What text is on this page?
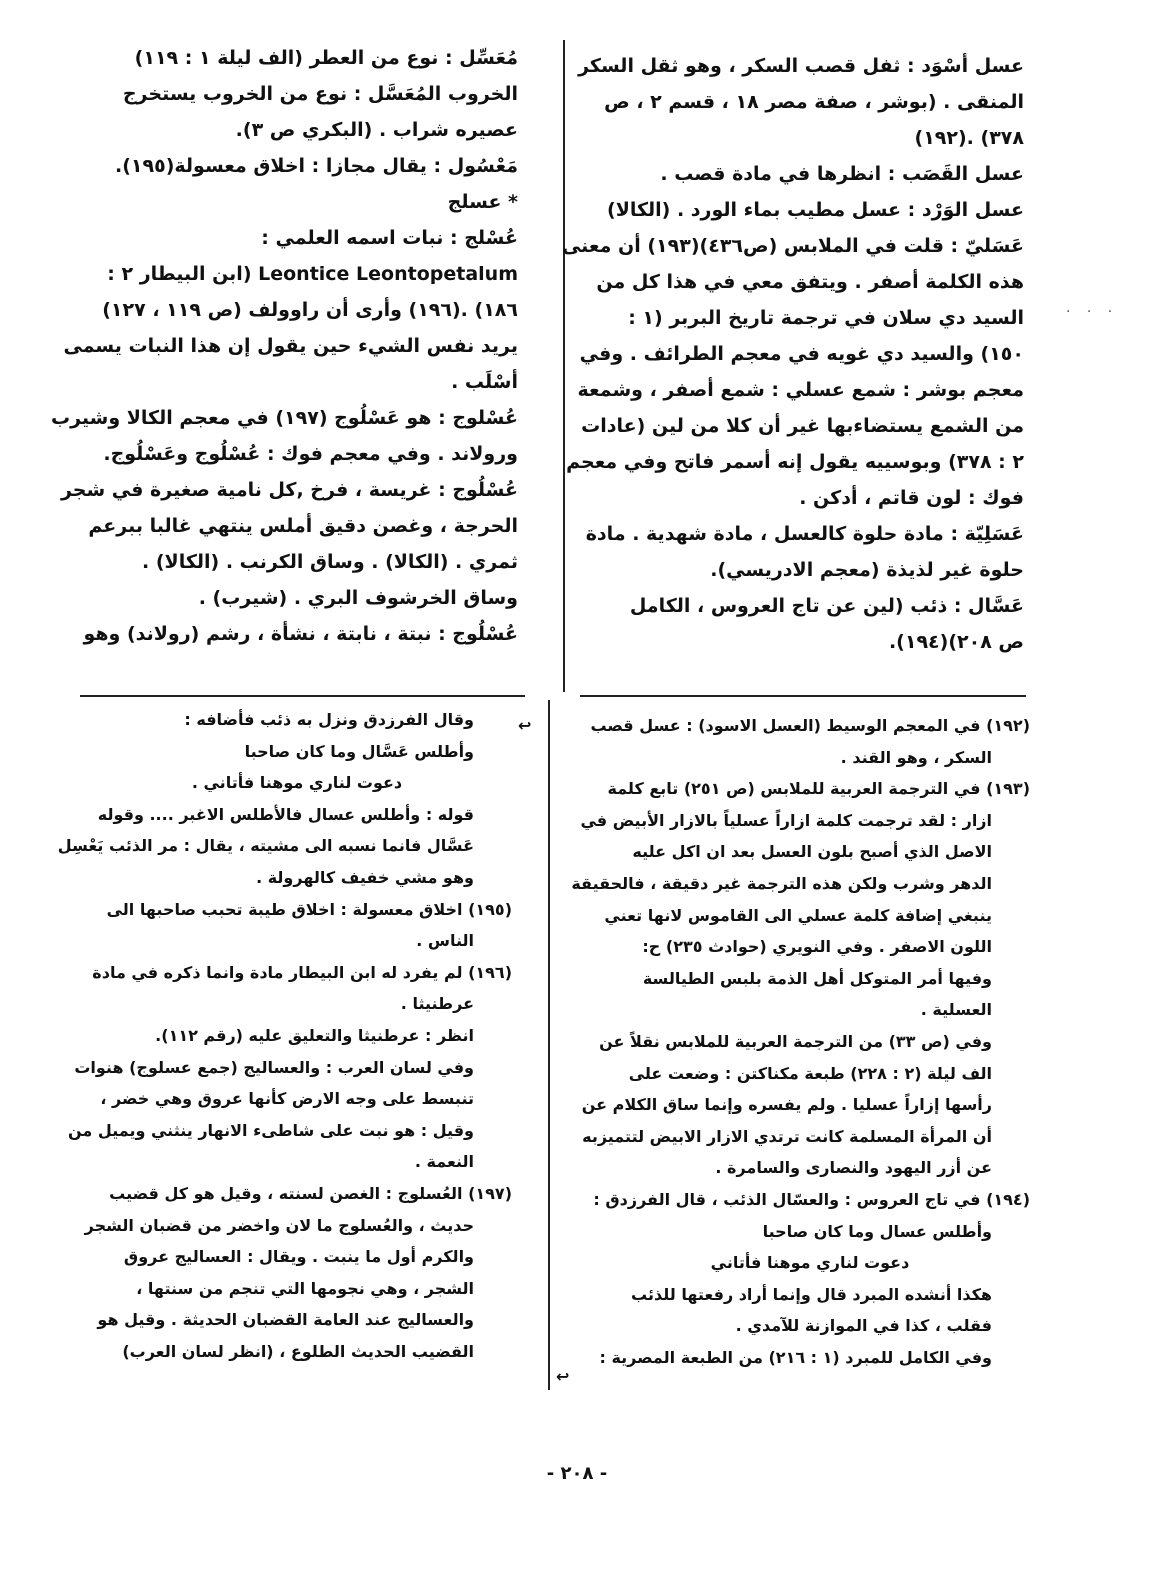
. . .
عسل أسْوَد : ثفل قصب السكر ، وهو ثقل السكر
المنقى . (بوشر ، صفة مصر ١٨ ، قسم ٢ ، ص
٣٧٨) .(١٩٢)
عسل القَصَب : انظرها في مادة قصب .
عسل الوَرْد : عسل مطيب بماء الورد . (الكالا)
عَسَليّ : قلت في الملابس (ص٤٣٦)(١٩٣) أن معنى
هذه الكلمة أصفر . ويتفق معي في هذا كل من
السيد دي سلان في ترجمة تاريخ البربر (١ :
١٥٠) والسيد دي غويه في معجم الطرائف . وفي
معجم بوشر : شمع عسلي : شمع أصفر ، وشمعة
من الشمع يستضاءبها غير أن كلا من لين (عادات
٢ : ٣٧٨) وبوسييه يقول إنه أسمر فاتح وفي معجم
فوك : لون قاتم ، أدكن .
عَسَلِيّة : مادة حلوة كالعسل ، مادة شهدية . مادة
حلوة غير لذيذة (معجم الادريسي).
عَسَّال : ذئب (لين عن تاج العروس ، الكامل
ص ٢٠٨)(١٩٤).
مُعَسِّل : نوع من العطر (الف ليلة ١ : ١١٩)
الخروب المُعَسَّل : نوع من الخروب يستخرج
عصيره شراب . (البكري ص ٣).
مَعْسُول : يقال مجازا : اخلاق معسولة(١٩٥).
* عسلج
عُسْلج : نبات اسمه العلمي :
Leontice Leontopetalum (ابن البيطار ٢ :
١٨٦) .(١٩٦) وأرى أن راوولف (ص ١١٩ ، ١٢٧)
يريد نفس الشيء حين يقول إن هذا النبات يسمى
أسْلَب .
عُسْلوج : هو عَسْلُوج (١٩٧) في معجم الكالا وشيرب
ورولاند . وفي معجم فوك : عُسْلُوج وعَسْلُوج.
عُسْلُوج : غريسة ، فرخ ,كل نامية صغيرة في شجر
الحرجة ، وغصن دقيق أملس ينتهي غالبا ببرعم
ثمري . (الكالا) . وساق الكرنب . (الكالا) .
وساق الخرشوف البري . (شيرب) .
عُسْلُوج : نبتة ، نابتة ، نشأة ، رشم (رولاند) وهو
(١٩٢) في المعجم الوسيط (العسل الاسود) : عسل قصب
السكر ، وهو القند .
(١٩٣) في الترجمة العربية للملابس (ص ٢٥١) تابع كلمة
ازار : لقد ترجمت كلمة ازاراً عسلياً بالازار الأبيض في
الاصل الذي أصبح بلون العسل بعد ان اكل عليه
الدهر وشرب ولكن هذه الترجمة غير دقيقة ، فالحقيقة
ينبغي إضافة كلمة عسلي الى القاموس لانها تعني
اللون الاصفر . وفي النويري (حوادث ٢٣٥) ح:
وفيها أمر المتوكل أهل الذمة بلبس الطيالسة
العسلية .
وفي (ص ٣٣) من الترجمة العربية للملابس نقلاً عن
الف ليلة (٢ : ٢٢٨) طبعة مكناكتن : وضعت على
رأسها إزاراً عسليا . ولم يفسره وإنما ساق الكلام عن
أن المرأة المسلمة كانت ترتدي الازار الابيض لتتميزبه
عن أزر اليهود والنصارى والسامرة .
(١٩٤) في تاج العروس : والعسّال الذئب ، قال الفرزدق :
وأطلس عسال وما كان صاحبا
دعوت لناري موهنا فأتاني
هكذا أنشده المبرد قال وإنما أراد رفعتها للذئب
فقلب ، كذا في الموازنة للآمدي .
وفي الكامل للمبرد (١ : ٢١٦) من الطبعة المصرية :
وقال الفرزدق ونزل به ذئب فأضافه :
وأطلس عَسَّال وما كان صاحبا
دعوت لناري موهنا فأتاني .
قوله : وأطلس عسال فالأطلس الاغبر .... وقوله
عَسَّال فانما نسبه الى مشيته ، يقال : مر الذئب يَعْسِل
وهو مشي خفيف كالهرولة .
(١٩٥) اخلاق معسولة : اخلاق طيبة تحبب صاحبها الى
الناس .
(١٩٦) لم يفرد له ابن البيطار مادة وانما ذكره في مادة
عرطنيثا .
انظر : عرطنيثا والتعليق عليه (رقم ١١٢).
وفي لسان العرب : والعساليج (جمع عسلوج) هنوات
تنبسط على وجه الارض كأنها عروق وهي خضر ،
وقيل : هو نبت على شاطىء الانهار ينثني ويميل من
النعمة .
(١٩٧) العُسلوج : الغصن لسنته ، وقيل هو كل قضيب
حديث ، والعُسلوج ما لان واخضر من قضبان الشجر
والكرم أول ما ينبت . ويقال : العساليج عروق
الشجر ، وهي نجومها التي تنجم من سنتها ،
والعساليج عند العامة القضبان الحديثة . وقيل هو
القضيب الحديث الطلوع ، (انظر لسان العرب)
↩
↩
- ٢٠٨ -
